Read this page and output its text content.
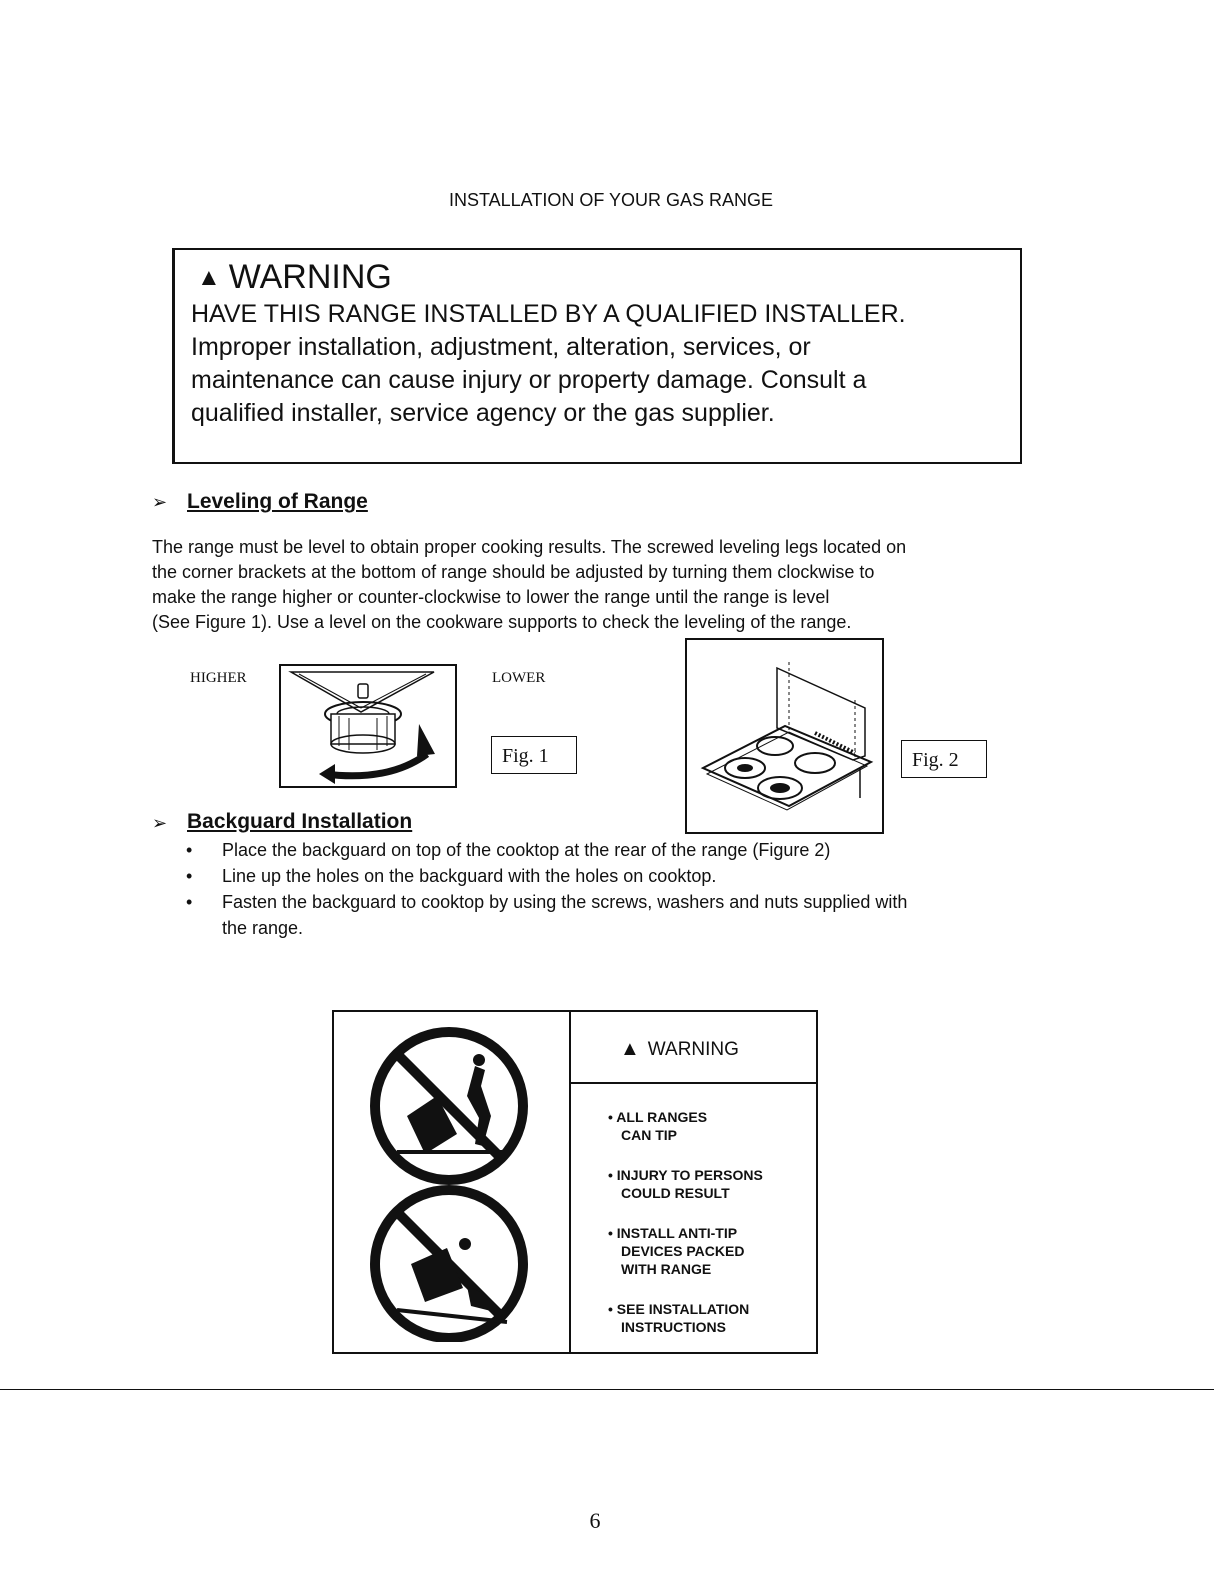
INSTALLATION OF YOUR GAS RANGE
▲ WARNING
HAVE THIS RANGE INSTALLED BY A QUALIFIED INSTALLER.
Improper installation, adjustment, alteration, services, or
maintenance can cause injury or property damage. Consult a
qualified installer, service agency or the gas supplier.
➢ Leveling of Range
The range must be level to obtain proper cooking results. The screwed leveling legs located on
the corner brackets at the bottom of range should be adjusted by turning them clockwise to
make the range higher or counter-clockwise to lower the range until the range is level
(See Figure 1). Use a level on the cookware supports to check the leveling of the range.
HIGHER	LOWER
Fig. 1	Fig. 2
➢ Backguard Installation
• Place the backguard on top of the cooktop at the rear of the range (Figure 2)
• Line up the holes on the backguard with the holes on cooktop.
• Fasten the backguard to cooktop by using the screws, washers and nuts supplied with
the range.
▲ WARNING
• ALL RANGES
CAN TIP
• INJURY TO PERSONS
COULD RESULT
• INSTALL ANTI-TIP
DEVICES PACKED
WITH RANGE
• SEE INSTALLATION
INSTRUCTIONS
6
